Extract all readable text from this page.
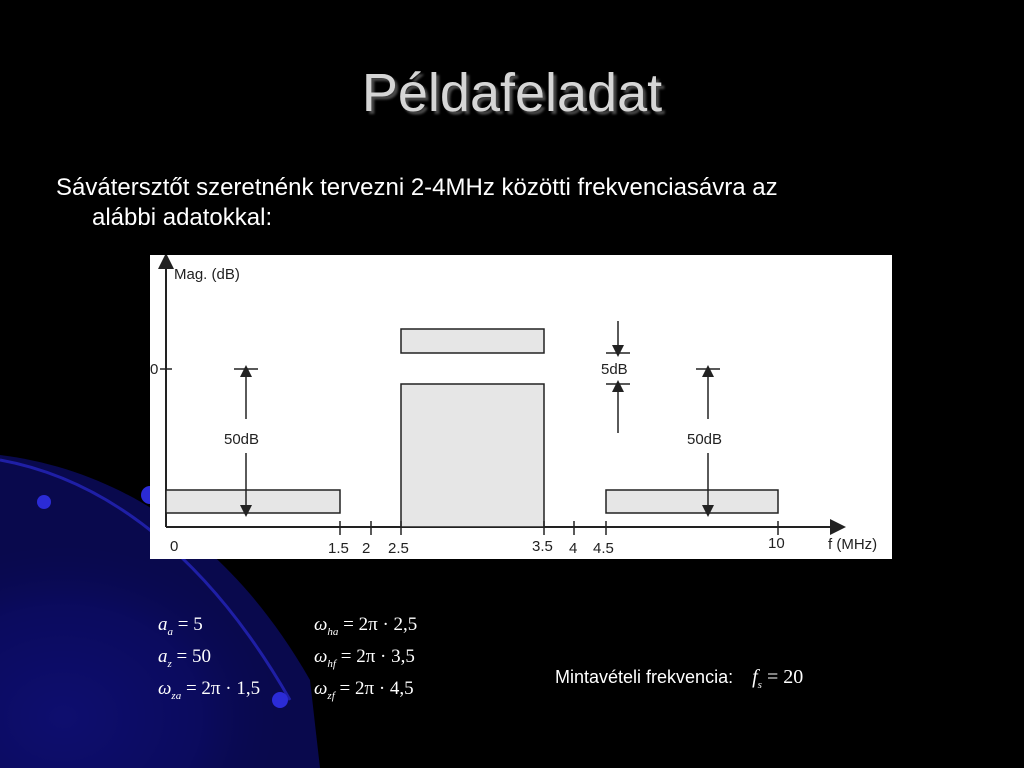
Példafeladat
Sávátersztőt szeretnénk tervezni 2-4MHz közötti frekvenciasávra az
alábbi adatokkal:
Mag. (dB)
f (MHz)
0
50dB	50dB
5dB
0	1.5 2 2.5	3.5 4 4.5	10
$a_a = 5$
$a_z = 50$
$\omega_{za} = 2\pi \cdot 1,5$
$\omega_{ha} = 2\pi \cdot 2,5$
$\omega_{hf} = 2\pi \cdot 3,5$
$\omega_{zf} = 2\pi \cdot 4,5$
Mintavételi frekvencia: $f_s = 20$
